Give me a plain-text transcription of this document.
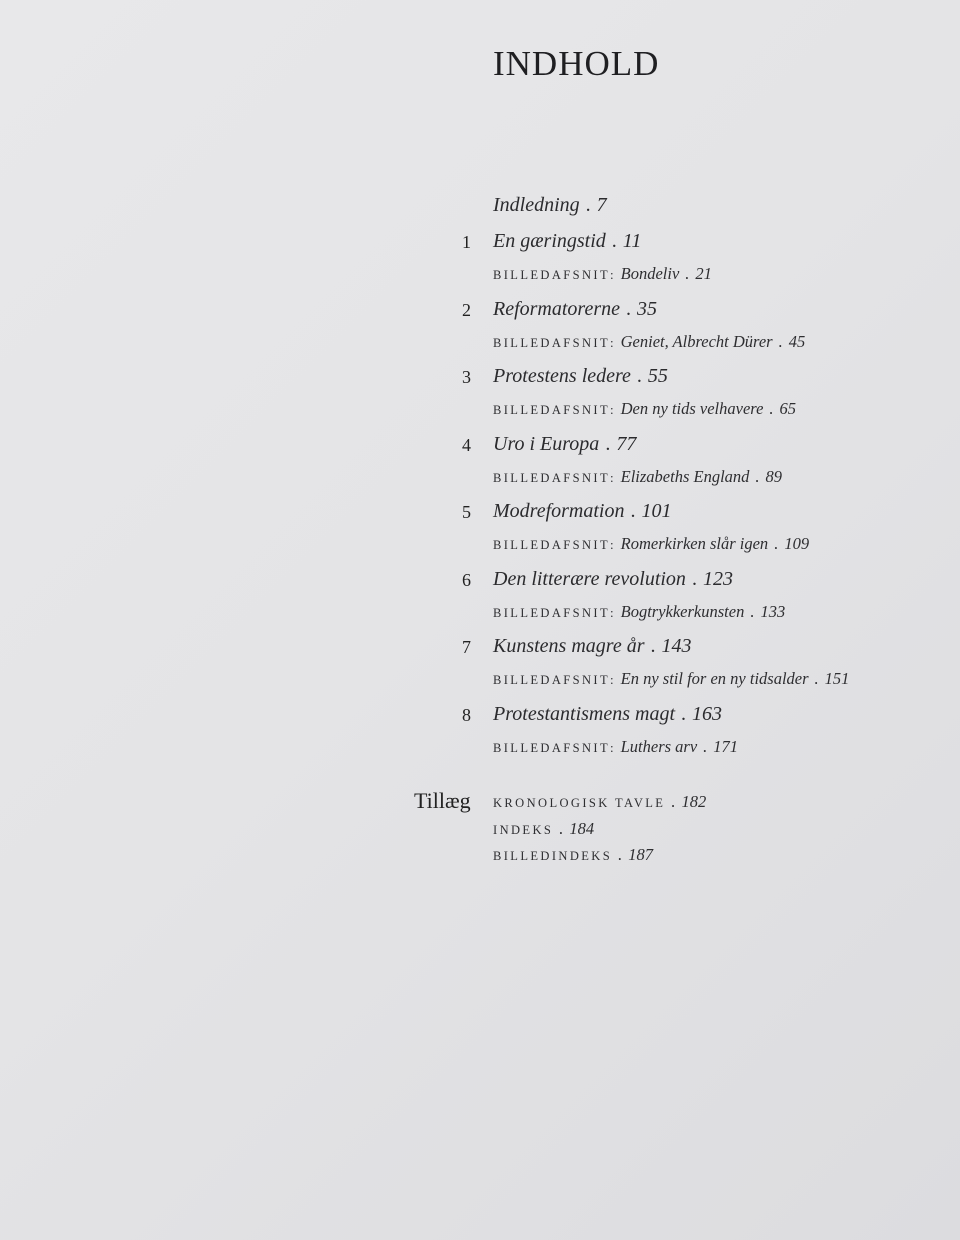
INDHOLD
Indledning . 7
1 En gæringstid . 11
BILLEDAFSNIT: Bondeliv . 21
2 Reformatorerne . 35
BILLEDAFSNIT: Geniet, Albrecht Dürer . 45
3 Protestens ledere . 55
BILLEDAFSNIT: Den ny tids velhavere . 65
4 Uro i Europa . 77
BILLEDAFSNIT: Elizabeths England . 89
5 Modreformation . 101
BILLEDAFSNIT: Romerkirken slår igen . 109
6 Den litterære revolution . 123
BILLEDAFSNIT: Bogtrykkerkunsten . 133
7 Kunstens magre år . 143
BILLEDAFSNIT: En ny stil for en ny tidsalder . 151
8 Protestantismens magt . 163
BILLEDAFSNIT: Luthers arv . 171
Tillæg KRONOLOGISK TAVLE . 182
INDEKS . 184
BILLEDINDEKS . 187
